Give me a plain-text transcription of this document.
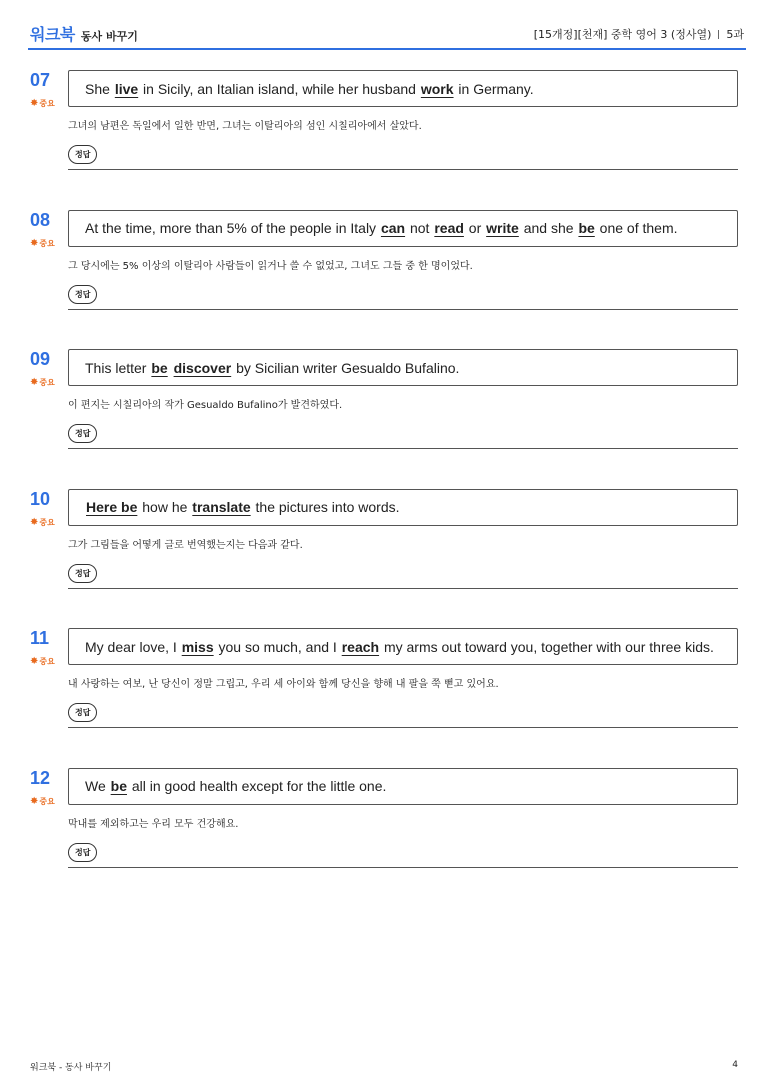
워크북 동사 바꾸기	[15개정][천재] 중학 영어 3 (정사열) 5과
07
✸ 중요
She live in Sicily, an Italian island, while her husband work in Germany.
그녀의 남편은 독일에서 일한 반면, 그녀는 이탈리아의 섬인 시칠리아에서 살았다.
정답
08
✸ 중요
At the time, more than 5% of the people in Italy can not read or write and she be one of them.
그 당시에는 5% 이상의 이탈리아 사람들이 읽거나 쓸 수 없었고, 그녀도 그들 중 한 명이었다.
정답
09
✸ 중요
This letter be
discover by Sicilian writer Gesualdo Bufalino.
이 편지는 시칠리아의 작가 Gesualdo Bufalino가 발견하였다.
정답
10
✸ 중요
Here be how he translate the pictures into words.
그가 그림들을 어떻게 글로 번역했는지는 다음과 같다.
정답
11
✸ 중요
My dear love, I miss you so much, and I reach my arms out toward you, together with our three kids.
내 사랑하는 여보, 난 당신이 정말 그립고, 우리 세 아이와 함께 당신을 향해 내 팔을 쭉 뻗고 있어요.
정답
12
✸ 중요
We be all in good health except for the little one.
막내를 제외하고는 우리 모두 건강해요.
정답
워크북 - 동사 바꾸기	4
